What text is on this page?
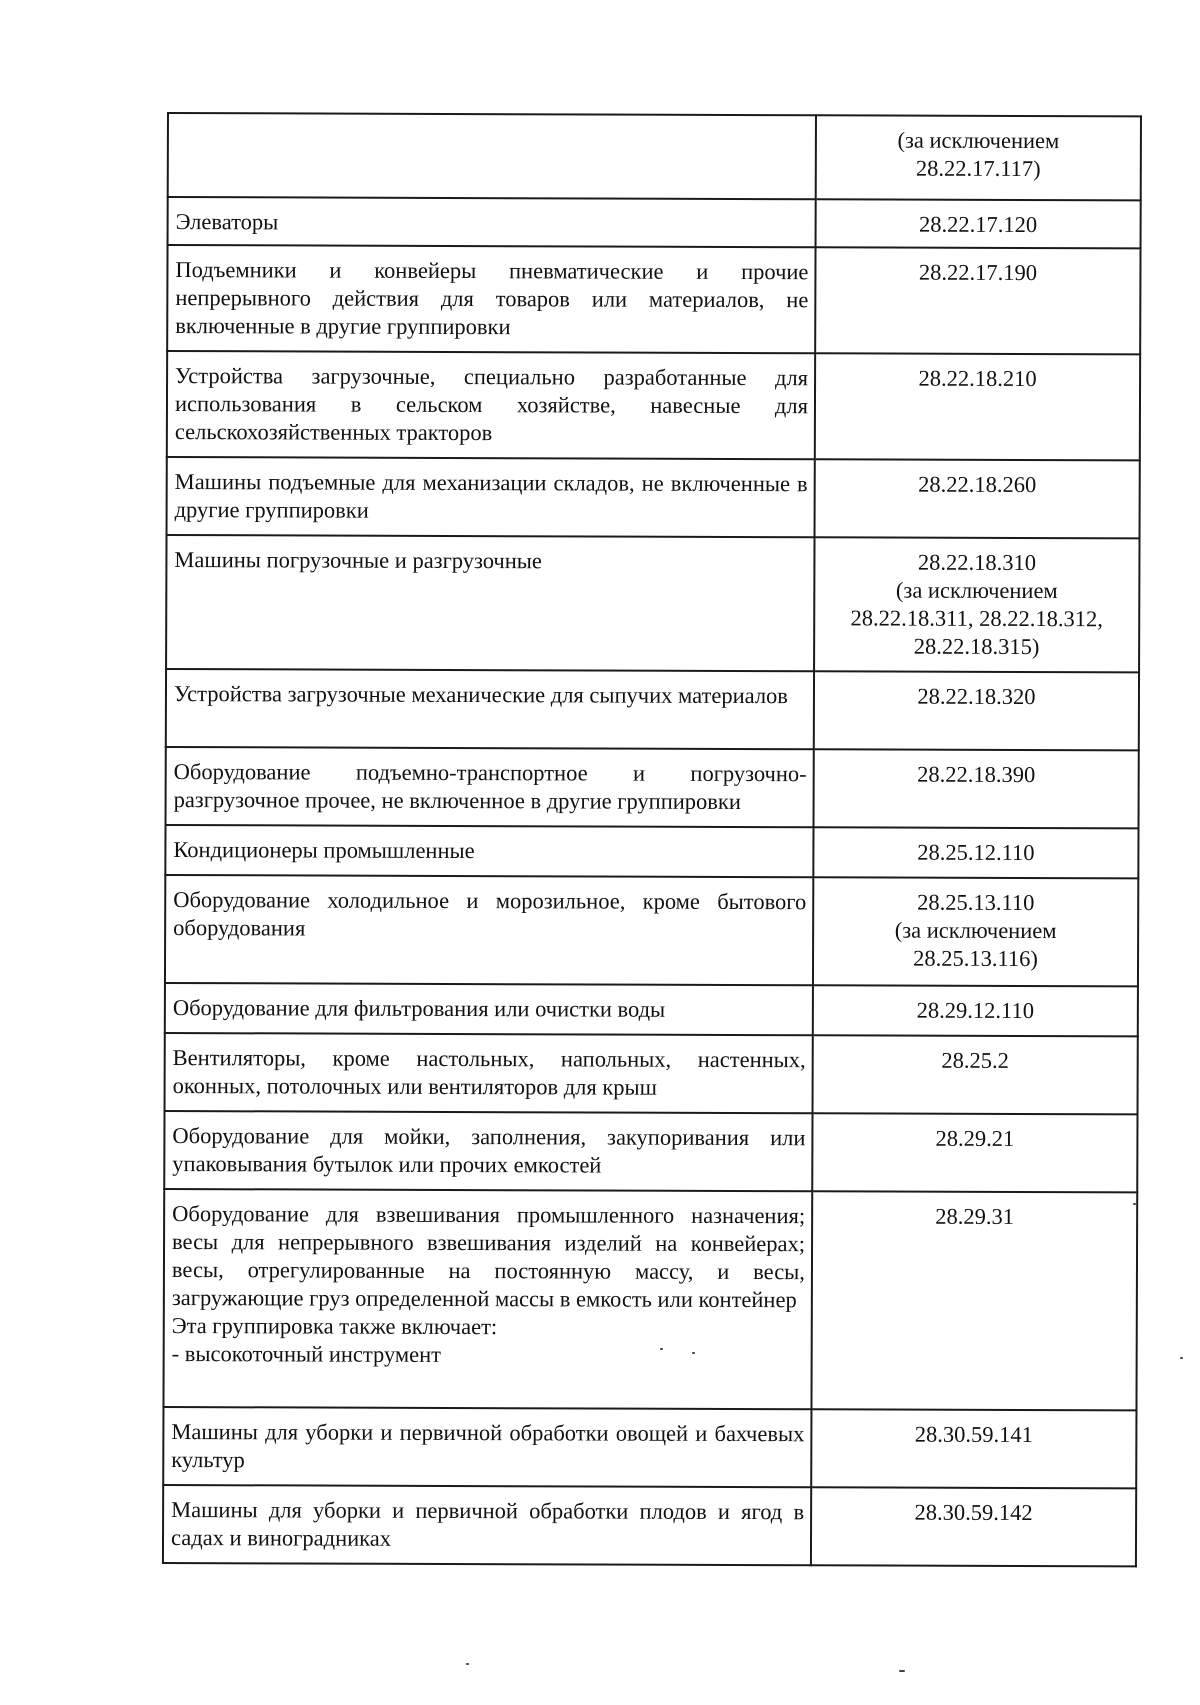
	(за исключением
28.22.17.117)

Элеваторы	28.22.17.120

Подъемники и конвейеры пневматические и прочие непрерывного действия для товаров или материалов, не включенные в другие группировки	28.22.17.190

Устройства загрузочные, специально разработанные для использования в сельском хозяйстве, навесные для сельскохозяйственных тракторов	28.22.18.210

Машины подъемные для механизации складов, не включенные в другие группировки	28.22.18.260

Машины погрузочные и разгрузочные	28.22.18.310
(за исключением
28.22.18.311, 28.22.18.312,
28.22.18.315)

Устройства загрузочные механические для сыпучих материалов	28.22.18.320

Оборудование подъемно-транспортное и погрузочно-разгрузочное прочее, не включенное в другие группировки	28.22.18.390

Кондиционеры промышленные	28.25.12.110

Оборудование холодильное и морозильное, кроме бытового оборудования	28.25.13.110
(за исключением
28.25.13.116)

Оборудование для фильтрования или очистки воды	28.29.12.110

Вентиляторы, кроме настольных, напольных, настенных, оконных, потолочных или вентиляторов для крыш	28.25.2

Оборудование для мойки, заполнения, закупоривания или упаковывания бутылок или прочих емкостей	28.29.21

Оборудование для взвешивания промышленного назначения; весы для непрерывного взвешивания изделий на конвейерах; весы, отрегулированные на постоянную массу, и весы, загружающие груз определенной массы в емкость или контейнер
Эта группировка также включает:
- высокоточный инструмент	28.29.31

Машины для уборки и первичной обработки овощей и бахчевых культур	28.30.59.141

Машины для уборки и первичной обработки плодов и ягод в садах и виноградниках	28.30.59.142
